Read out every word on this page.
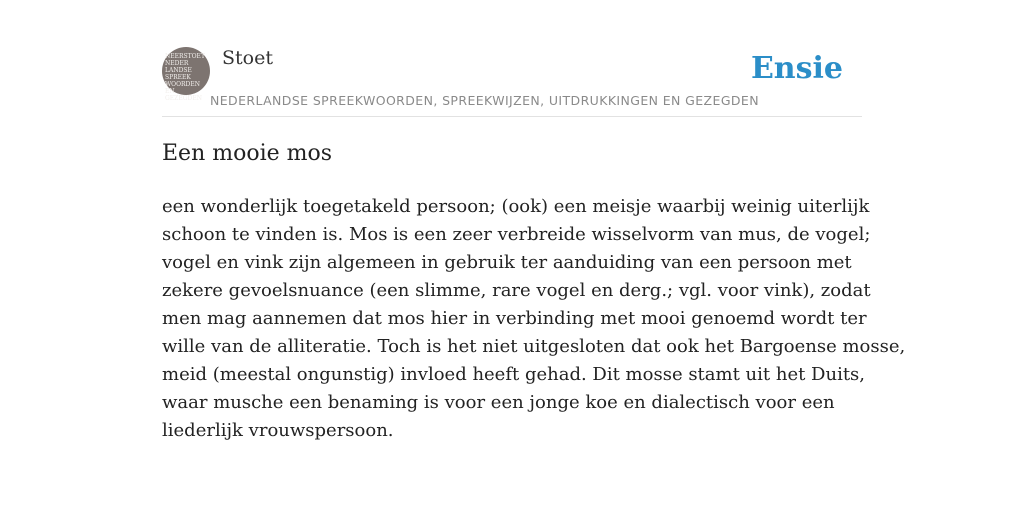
NEERSTOET
NEDER
LANDSE
SPREEK
WOORDEN EN
GEZEGDEN
Stoet
NEDERLANDSE SPREEKWOORDEN, SPREEKWIJZEN, UITDRUKKINGEN EN GEZEGDEN
Ensie
Een mooie mos

een wonderlijk toegetakeld persoon; (ook) een meisje waarbij weinig uiterlijk
schoon te vinden is. Mos is een zeer verbreide wisselvorm van mus, de vogel;
vogel en vink zijn algemeen in gebruik ter aanduiding van een persoon met
zekere gevoelsnuance (een slimme, rare vogel en derg.; vgl. voor vink), zodat
men mag aannemen dat mos hier in verbinding met mooi genoemd wordt ter
wille van de alliteratie. Toch is het niet uitgesloten dat ook het Bargoense mosse,
meid (meestal ongunstig) invloed heeft gehad. Dit mosse stamt uit het Duits,
waar musche een benaming is voor een jonge koe en dialectisch voor een
liederlijk vrouwspersoon.
